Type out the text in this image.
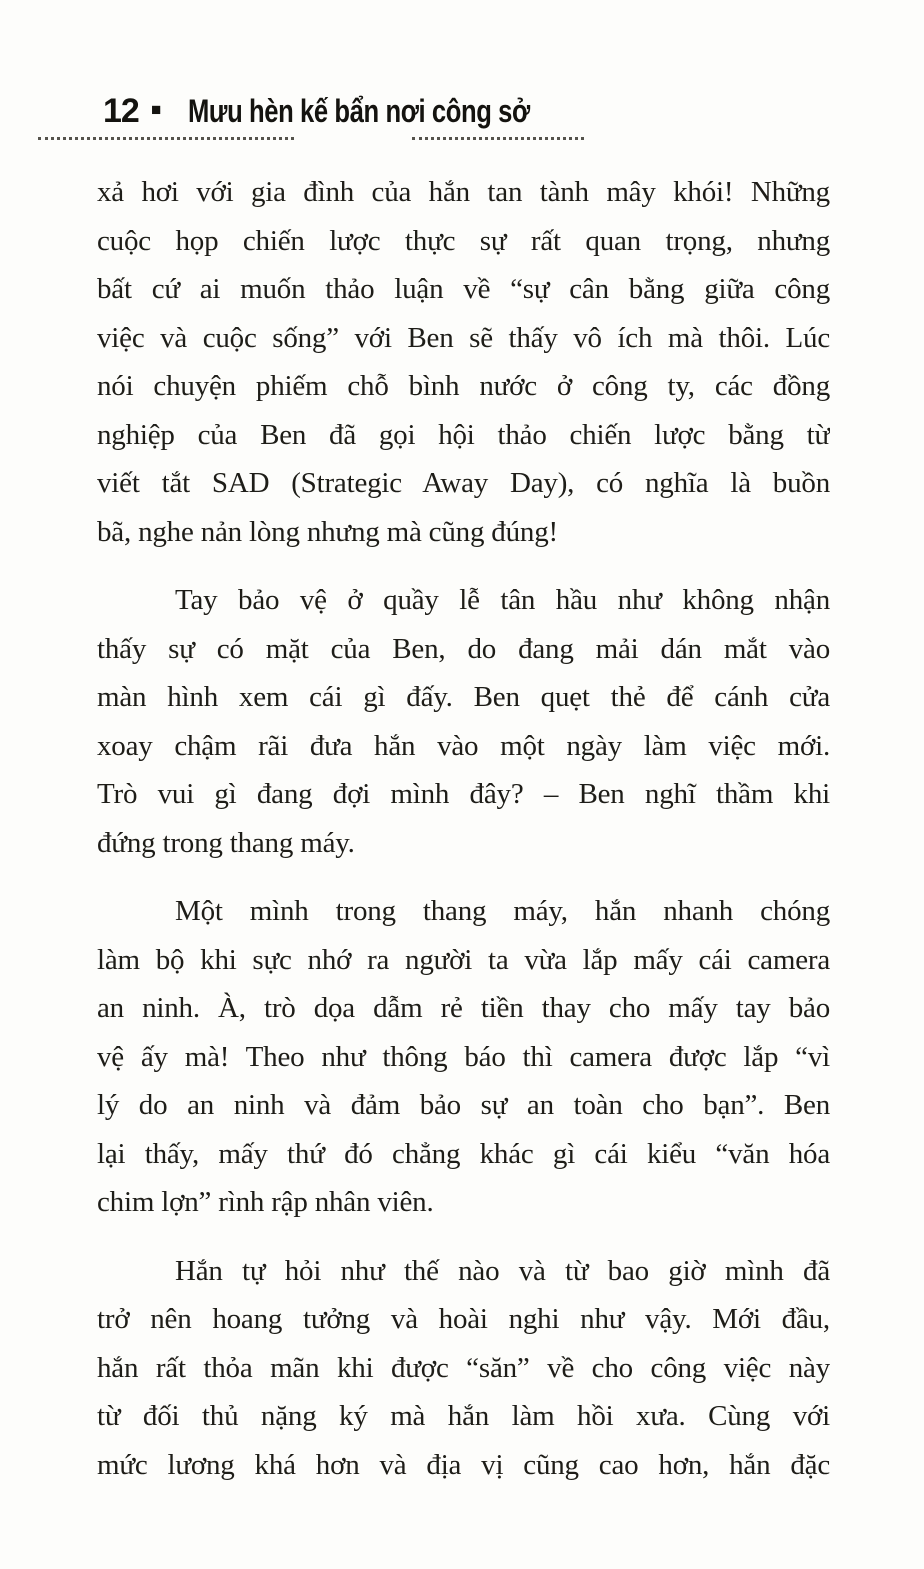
12 ■ Mưu hèn kế bẩn nơi công sở
xả hơi với gia đình của hắn tan tành mây khói! Những
cuộc họp chiến lược thực sự rất quan trọng, nhưng
bất cứ ai muốn thảo luận về “sự cân bằng giữa công
việc và cuộc sống” với Ben sẽ thấy vô ích mà thôi. Lúc
nói chuyện phiếm chỗ bình nước ở công ty, các đồng
nghiệp của Ben đã gọi hội thảo chiến lược bằng từ
viết tắt SAD (Strategic Away Day), có nghĩa là buồn
bã, nghe nản lòng nhưng mà cũng đúng!
Tay bảo vệ ở quầy lễ tân hầu như không nhận
thấy sự có mặt của Ben, do đang mải dán mắt vào
màn hình xem cái gì đấy. Ben quẹt thẻ để cánh cửa
xoay chậm rãi đưa hắn vào một ngày làm việc mới.
Trò vui gì đang đợi mình đây? – Ben nghĩ thầm khi
đứng trong thang máy.
Một mình trong thang máy, hắn nhanh chóng
làm bộ khi sực nhớ ra người ta vừa lắp mấy cái camera
an ninh. À, trò dọa dẫm rẻ tiền thay cho mấy tay bảo
vệ ấy mà! Theo như thông báo thì camera được lắp “vì
lý do an ninh và đảm bảo sự an toàn cho bạn”. Ben
lại thấy, mấy thứ đó chẳng khác gì cái kiểu “văn hóa
chim lợn” rình rập nhân viên.
Hắn tự hỏi như thế nào và từ bao giờ mình đã
trở nên hoang tưởng và hoài nghi như vậy. Mới đầu,
hắn rất thỏa mãn khi được “săn” về cho công việc này
từ đối thủ nặng ký mà hắn làm hồi xưa. Cùng với
mức lương khá hơn và địa vị cũng cao hơn, hắn đặc
